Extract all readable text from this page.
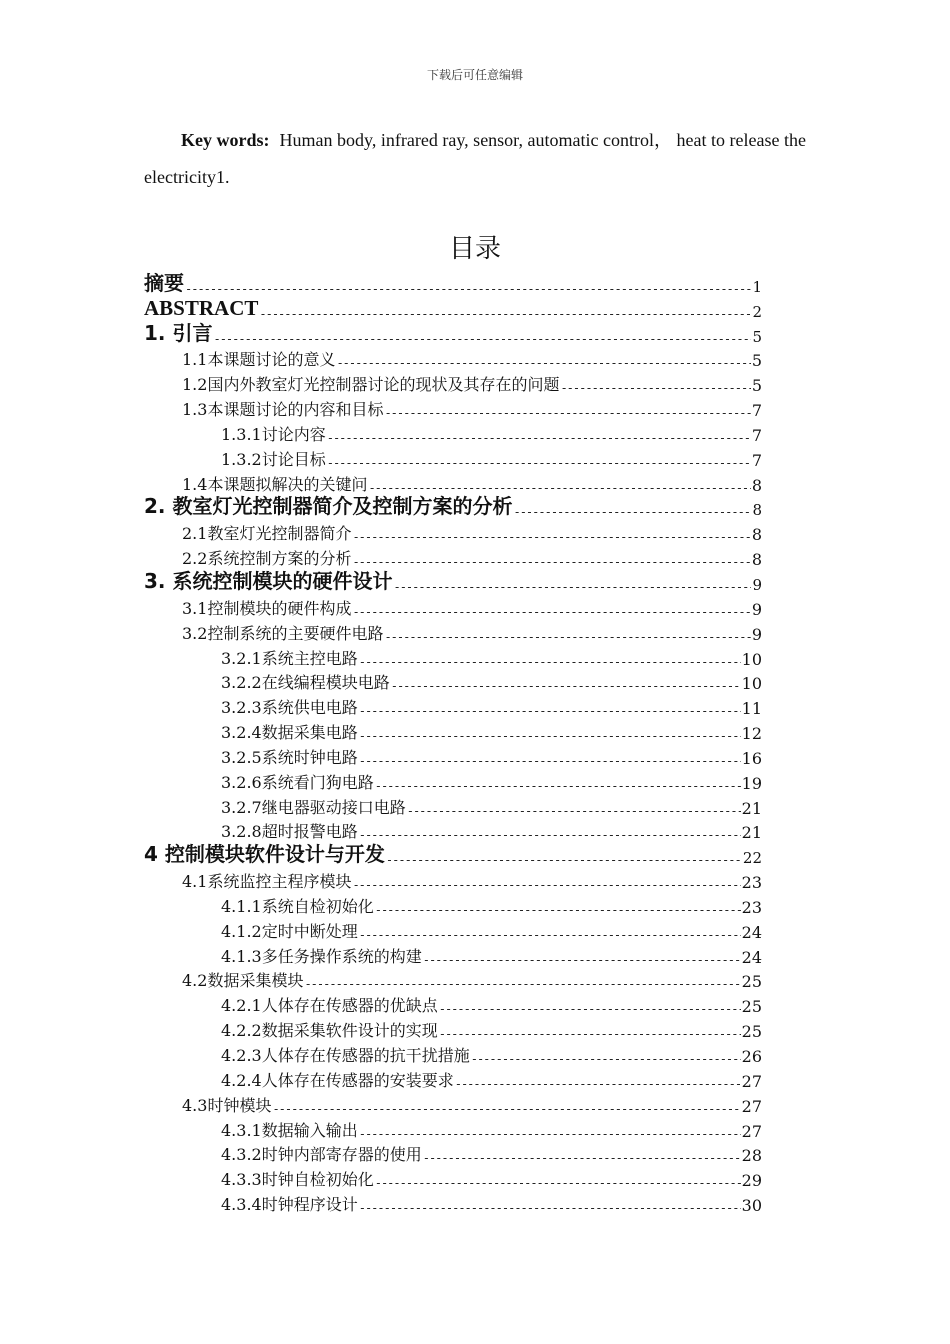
下载后可任意编辑
Key words: Human body, infrared ray, sensor, automatic control， heat to release the electricity1.
目录
摘要 -----	1
ABSTRACT -----	2
1. 引言 -----	5
1.1本课题讨论的意义 -----	5
1.2国内外教室灯光控制器讨论的现状及其存在的问题 -----	5
1.3本课题讨论的内容和目标 -----	7
1.3.1讨论内容 -----	7
1.3.2讨论目标 -----	7
1.4本课题拟解决的关键问 -----	8
2. 教室灯光控制器简介及控制方案的分析 -----	8
2.1教室灯光控制器简介 -----	8
2.2系统控制方案的分析 -----	8
3. 系统控制模块的硬件设计 -----	9
3.1控制模块的硬件构成 -----	9
3.2控制系统的主要硬件电路 -----	9
3.2.1系统主控电路 -----	10
3.2.2在线编程模块电路 -----	10
3.2.3系统供电电路 -----	11
3.2.4数据采集电路 -----	12
3.2.5系统时钟电路 -----	16
3.2.6系统看门狗电路 -----	19
3.2.7继电器驱动接口电路 -----	21
3.2.8超时报警电路 -----	21
4 控制模块软件设计与开发 -----	22
4.1系统监控主程序模块 -----	23
4.1.1系统自检初始化 -----	23
4.1.2定时中断处理 -----	24
4.1.3多任务操作系统的构建 -----	24
4.2数据采集模块 -----	25
4.2.1人体存在传感器的优缺点 -----	25
4.2.2数据采集软件设计的实现 -----	25
4.2.3人体存在传感器的抗干扰措施 -----	26
4.2.4人体存在传感器的安装要求 -----	27
4.3时钟模块 -----	27
4.3.1数据输入输出 -----	27
4.3.2时钟内部寄存器的使用 -----	28
4.3.3时钟自检初始化 -----	29
4.3.4时钟程序设计 -----	30
